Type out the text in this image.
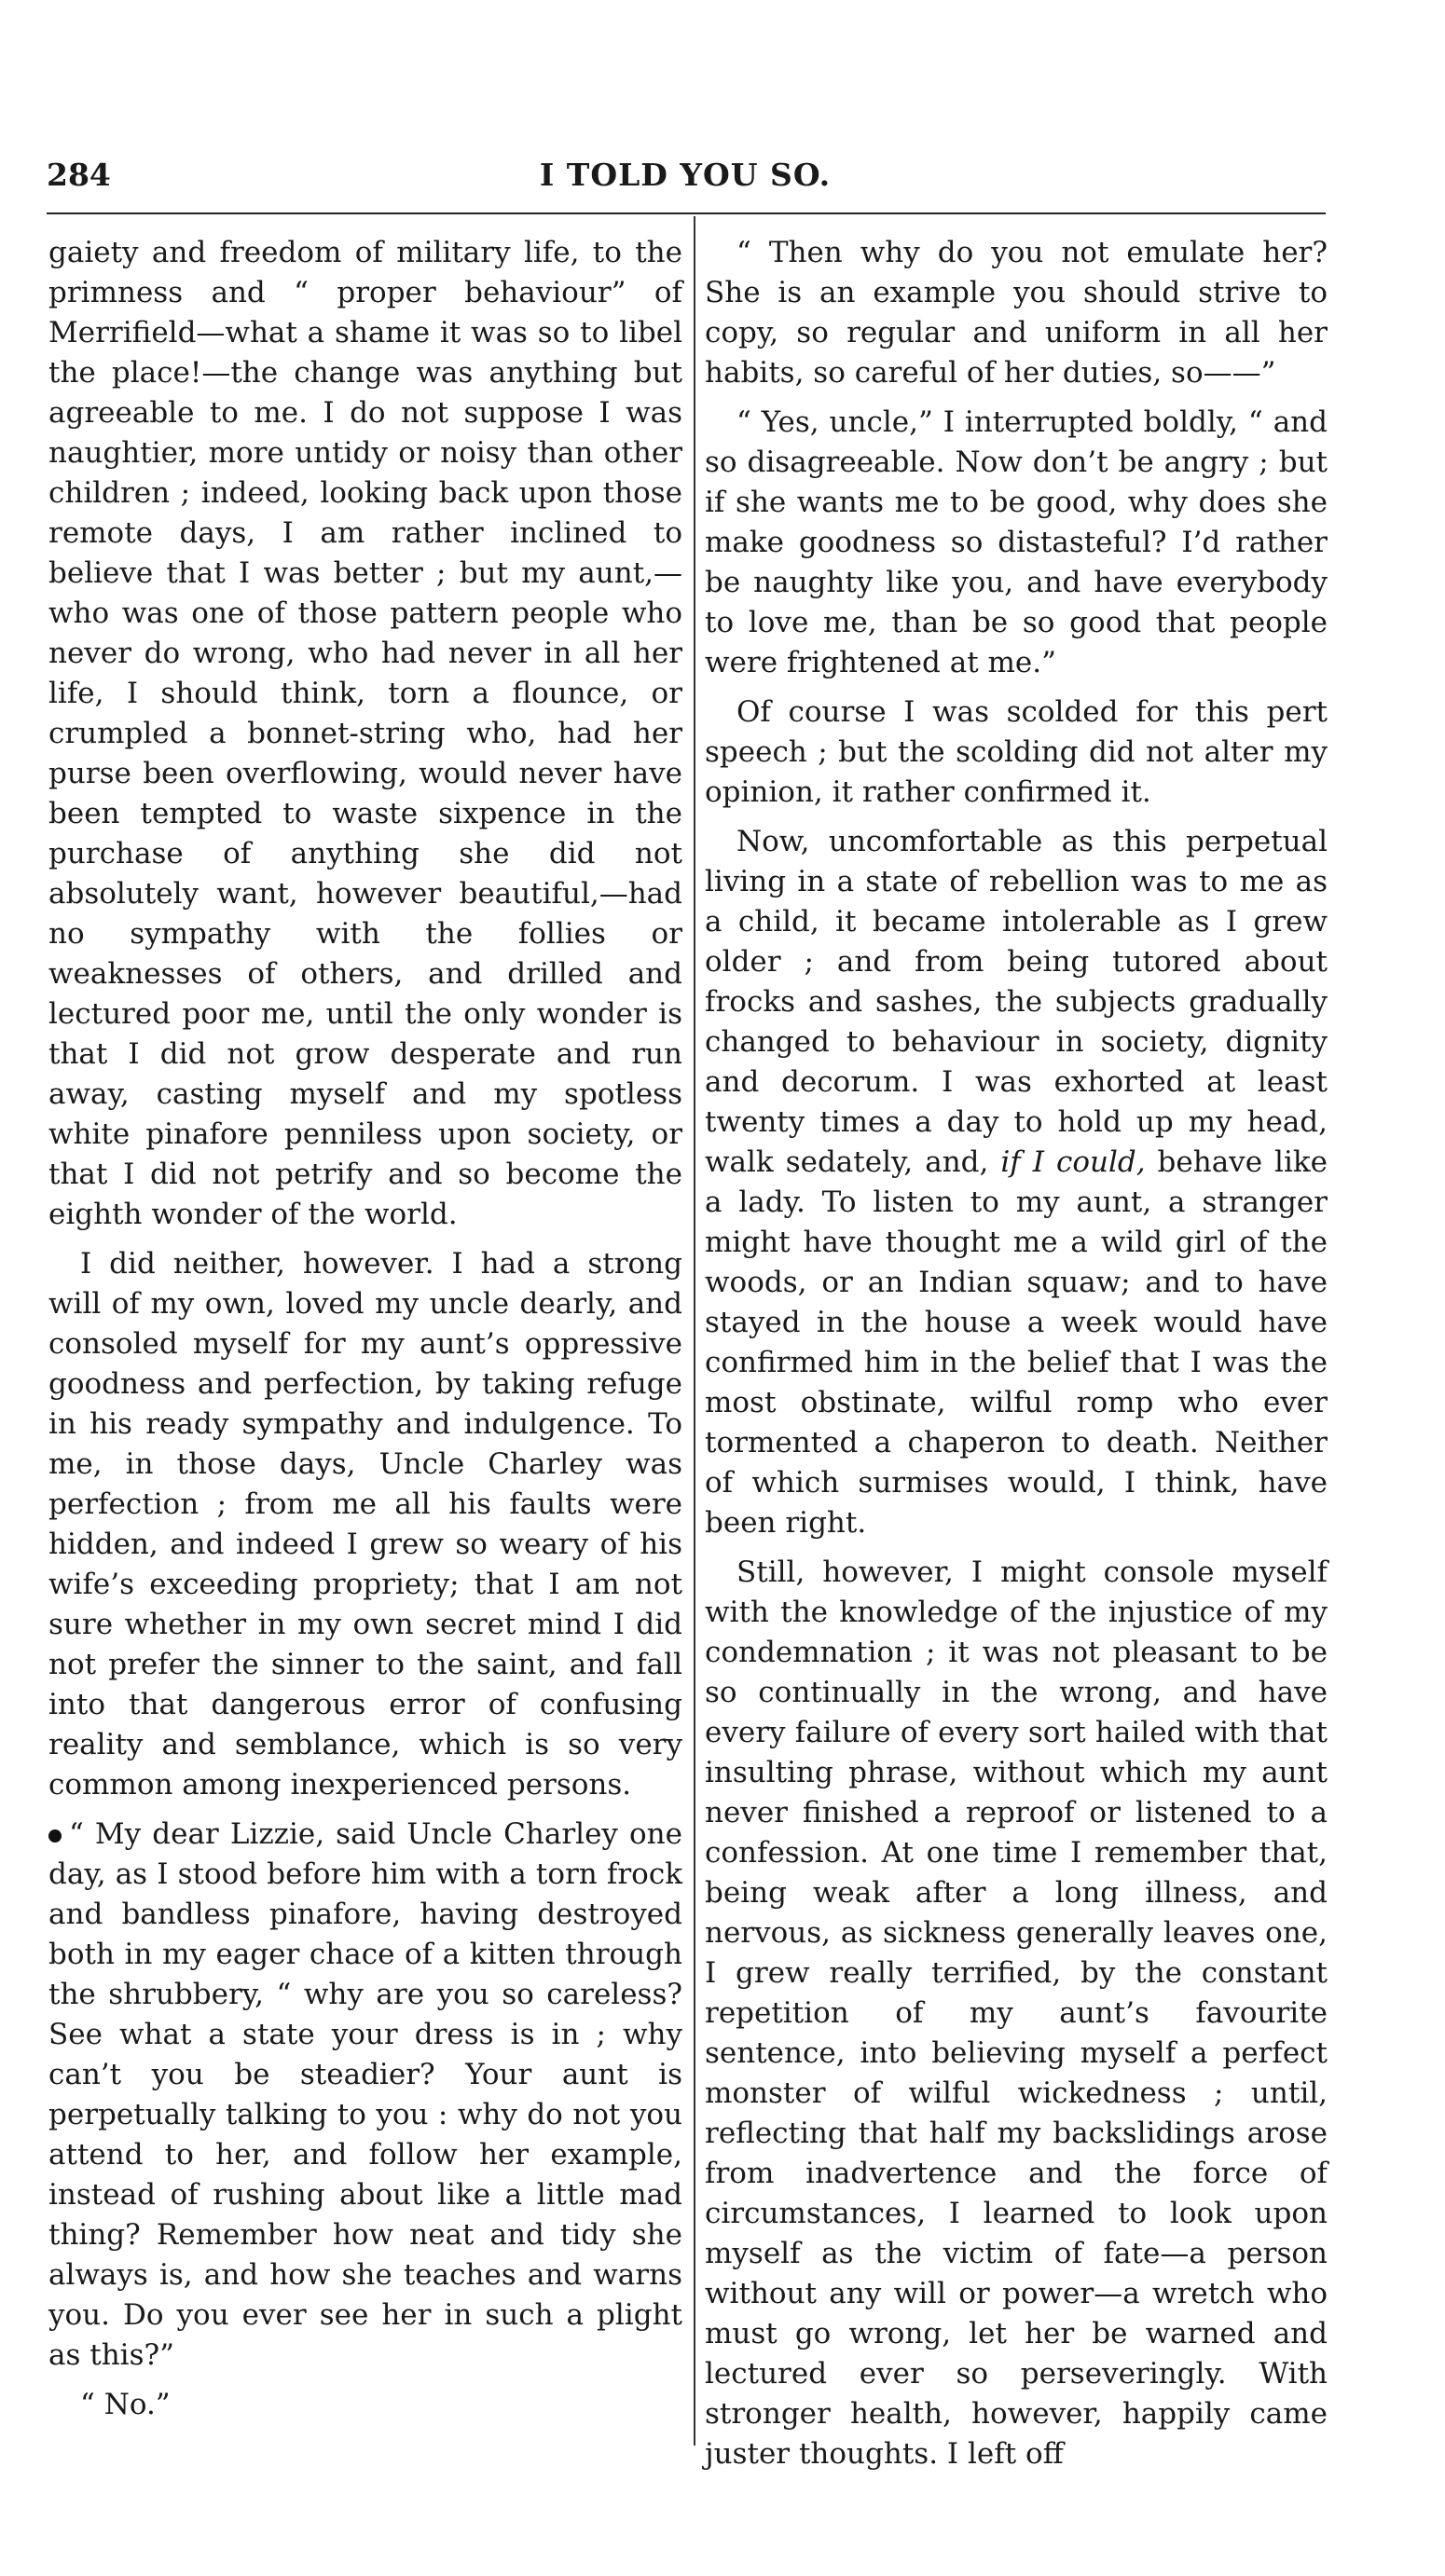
284	I TOLD YOU SO.

gaiety and freedom of military life, to the primness and “ proper behaviour” of Merrifield—what a shame it was so to libel the place!—the change was anything but agreeable to me. I do not suppose I was naughtier, more untidy or noisy than other children ; indeed, looking back upon those remote days, I am rather inclined to believe that I was better ; but my aunt,—who was one of those pattern people who never do wrong, who had never in all her life, I should think, torn a flounce, or crumpled a bonnet-string who, had her purse been overflowing, would never have been tempted to waste sixpence in the purchase of anything she did not absolutely want, however beautiful,—had no sympathy with the follies or weaknesses of others, and drilled and lectured poor me, until the only wonder is that I did not grow desperate and run away, casting myself and my spotless white pinafore penniless upon society, or that I did not petrify and so become the eighth wonder of the world.

I did neither, however. I had a strong will of my own, loved my uncle dearly, and consoled myself for my aunt’s oppressive goodness and perfection, by taking refuge in his ready sympathy and indulgence. To me, in those days, Uncle Charley was perfection ; from me all his faults were hidden, and indeed I grew so weary of his wife’s exceeding propriety; that I am not sure whether in my own secret mind I did not prefer the sinner to the saint, and fall into that dangerous error of confusing reality and semblance, which is so very common among inexperienced persons.

“ My dear Lizzie, said Uncle Charley one day, as I stood before him with a torn frock and bandless pinafore, having destroyed both in my eager chace of a kitten through the shrubbery, “ why are you so careless? See what a state your dress is in ; why can’t you be steadier? Your aunt is perpetually talking to you : why do not you attend to her, and follow her example, instead of rushing about like a little mad thing? Remember how neat and tidy she always is, and how she teaches and warns you. Do you ever see her in such a plight as this?”

“ No.”

“ Then why do you not emulate her? She is an example you should strive to copy, so regular and uniform in all her habits, so careful of her duties, so——”

“ Yes, uncle,” I interrupted boldly, “ and so disagreeable. Now don’t be angry ; but if she wants me to be good, why does she make goodness so distasteful? I’d rather be naughty like you, and have everybody to love me, than be so good that people were frightened at me.”

Of course I was scolded for this pert speech ; but the scolding did not alter my opinion, it rather confirmed it.

Now, uncomfortable as this perpetual living in a state of rebellion was to me as a child, it became intolerable as I grew older ; and from being tutored about frocks and sashes, the subjects gradually changed to behaviour in society, dignity and decorum. I was exhorted at least twenty times a day to hold up my head, walk sedately, and, if I could, behave like a lady. To listen to my aunt, a stranger might have thought me a wild girl of the woods, or an Indian squaw; and to have stayed in the house a week would have confirmed him in the belief that I was the most obstinate, wilful romp who ever tormented a chaperon to death. Neither of which surmises would, I think, have been right.

Still, however, I might console myself with the knowledge of the injustice of my condemnation ; it was not pleasant to be so continually in the wrong, and have every failure of every sort hailed with that insulting phrase, without which my aunt never finished a reproof or listened to a confession. At one time I remember that, being weak after a long illness, and nervous, as sickness generally leaves one, I grew really terrified, by the constant repetition of my aunt’s favourite sentence, into believing myself a perfect monster of wilful wickedness ; until, reflecting that half my backslidings arose from inadvertence and the force of circumstances, I learned to look upon myself as the victim of fate—a person without any will or power—a wretch who must go wrong, let her be warned and lectured ever so perseveringly. With stronger health, however, happily came juster thoughts. I left off
